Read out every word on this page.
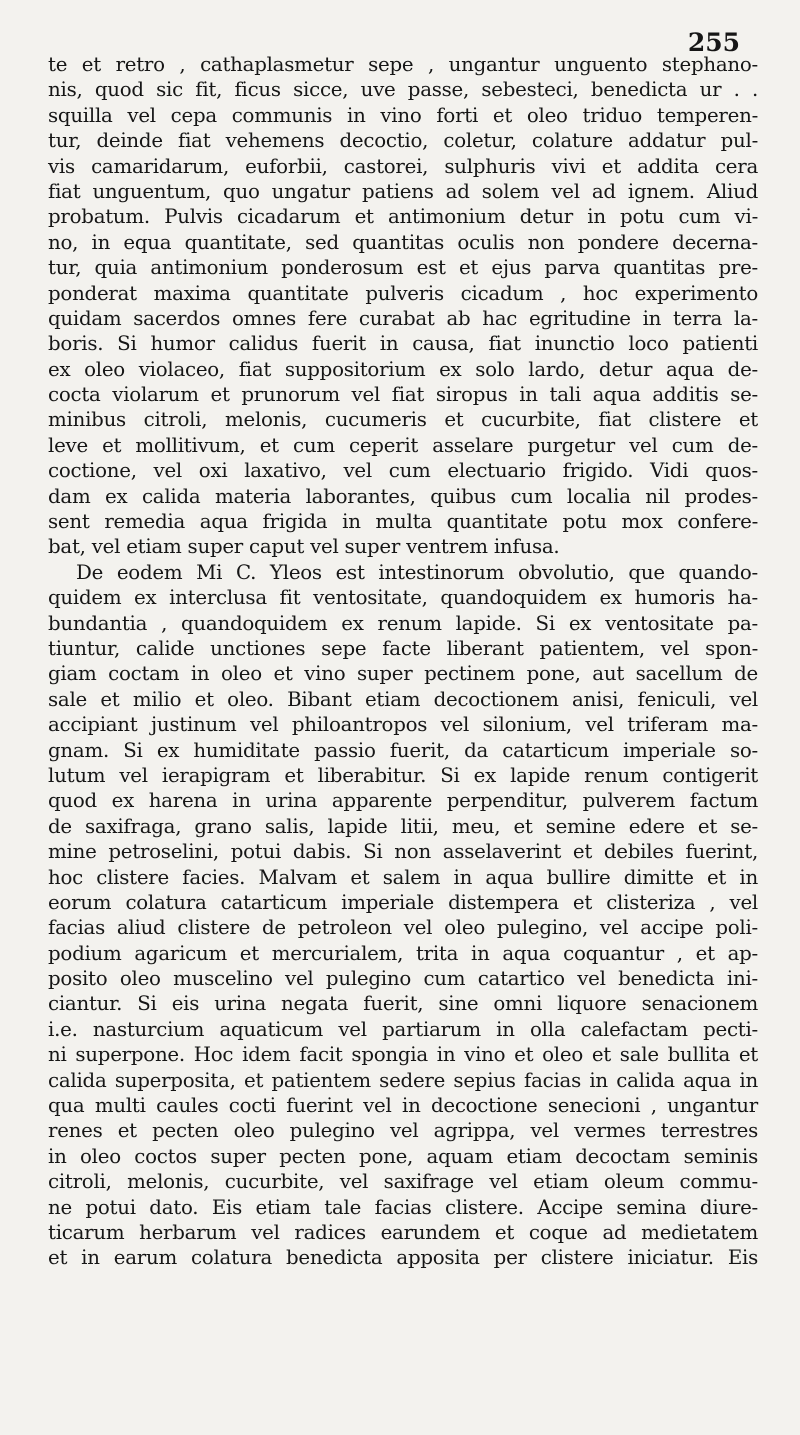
255
te et retro , cathaplasmetur sepe , ungantur unguento stephano-
nis, quod sic fit, ficus sicce, uve passe, sebesteci, benedicta ur . .
squilla vel cepa communis in vino forti et oleo triduo temperen-
tur, deinde fiat vehemens decoctio, coletur, colature addatur pul-
vis camaridarum, euforbii, castorei, sulphuris vivi et addita cera
fiat unguentum, quo ungatur patiens ad solem vel ad ignem. Aliud
probatum. Pulvis cicadarum et antimonium detur in potu cum vi-
no, in equa quantitate, sed quantitas oculis non pondere decerna-
tur, quia antimonium ponderosum est et ejus parva quantitas pre-
ponderat maxima quantitate pulveris cicadum , hoc experimento
quidam sacerdos omnes fere curabat ab hac egritudine in terra la-
boris. Si humor calidus fuerit in causa, fiat inunctio loco patienti
ex oleo violaceo, fiat suppositorium ex solo lardo, detur aqua de-
cocta violarum et prunorum vel fiat siropus in tali aqua additis se-
minibus citroli, melonis, cucumeris et cucurbite, fiat clistere et
leve et mollitivum, et cum ceperit asselare purgetur vel cum de-
coctione, vel oxi laxativo, vel cum electuario frigido. Vidi quos-
dam ex calida materia laborantes, quibus cum localia nil prodes-
sent remedia aqua frigida in multa quantitate potu mox confere-
bat, vel etiam super caput vel super ventrem infusa.
De eodem Mi C. Yleos est intestinorum obvolutio, que quando-
quidem ex interclusa fit ventositate, quandoquidem ex humoris ha-
bundantia , quandoquidem ex renum lapide. Si ex ventositate pa-
tiuntur, calide unctiones sepe facte liberant patientem, vel spon-
giam coctam in oleo et vino super pectinem pone, aut sacellum de
sale et milio et oleo. Bibant etiam decoctionem anisi, feniculi, vel
accipiant justinum vel philoantropos vel silonium, vel triferam ma-
gnam. Si ex humiditate passio fuerit, da catarticum imperiale so-
lutum vel ierapigram et liberabitur. Si ex lapide renum contigerit
quod ex harena in urina apparente perpenditur, pulverem factum
de saxifraga, grano salis, lapide litii, meu, et semine edere et se-
mine petroselini, potui dabis. Si non asselaverint et debiles fuerint,
hoc clistere facies. Malvam et salem in aqua bullire dimitte et in
eorum colatura catarticum imperiale distempera et clisteriza , vel
facias aliud clistere de petroleon vel oleo pulegino, vel accipe poli-
podium agaricum et mercurialem, trita in aqua coquantur , et ap-
posito oleo muscelino vel pulegino cum catartico vel benedicta ini-
ciantur. Si eis urina negata fuerit, sine omni liquore senacionem
i.e. nasturcium aquaticum vel partiarum in olla calefactam pecti-
ni superpone. Hoc idem facit spongia in vino et oleo et sale bullita et
calida superposita, et patientem sedere sepius facias in calida aqua in
qua multi caules cocti fuerint vel in decoctione senecioni , ungantur
renes et pecten oleo pulegino vel agrippa, vel vermes terrestres
in oleo coctos super pecten pone, aquam etiam decoctam seminis
citroli, melonis, cucurbite, vel saxifrage vel etiam oleum commu-
ne potui dato. Eis etiam tale facias clistere. Accipe semina diure-
ticarum herbarum vel radices earundem et coque ad medietatem
et in earum colatura benedicta apposita per clistere iniciatur. Eis
